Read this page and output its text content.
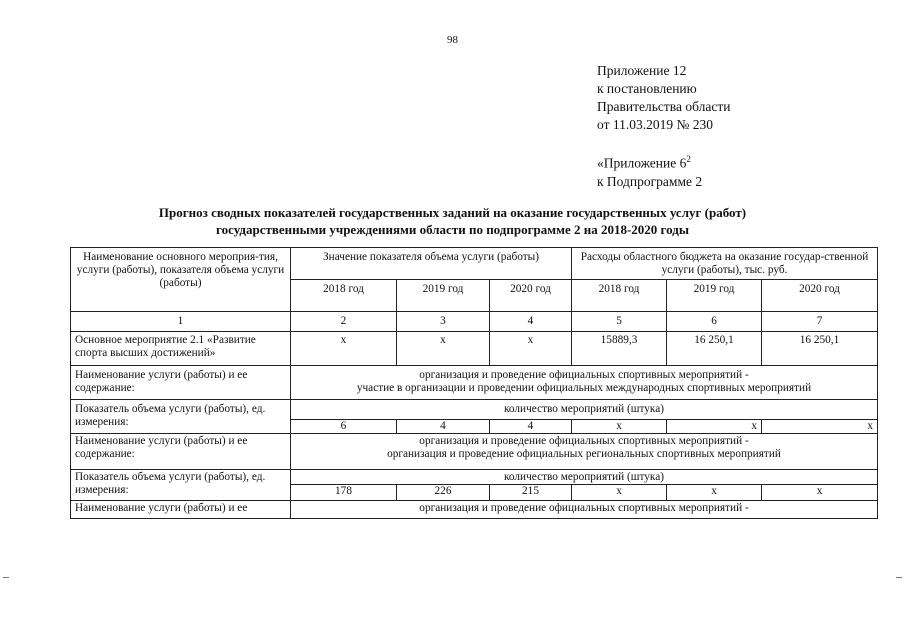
98
Приложение 12
к постановлению
Правительства области
от 11.03.2019 № 230
«Приложение $6^2$
к Подпрограмме 2
Прогноз сводных показателей государственных заданий на оказание государственных услуг (работ)
государственными учреждениями области по подпрограмме 2 на 2018-2020 годы
Наименование основного мероприя-тия, услуги (работы), показателя объема услуги (работы)	Значение показателя объема услуги (работы)			Расходы областного бюджета на оказание государ-ственной услуги (работы), тыс. руб.		
	2018 год	2019 год	2020 год	2018 год	2019 год	2020 год
1	2	3	4	5	6	7
Основное мероприятие 2.1 «Развитие спорта высших достижений»	х	х	х	15889,3	16 250,1	16 250,1
Наименование услуги (работы) и ее содержание:	организация и проведение официальных спортивных мероприятий -
участие в организации и проведении официальных международных спортивных мероприятий					

Показатель объема услуги (работы), ед. измерения:	количество мероприятий (штука)					
	6	4	4	х	х	х
Наименование услуги (работы) и ее содержание:	организация и проведение официальных спортивных мероприятий -
организация и проведение официальных региональных спортивных мероприятий					

Показатель объема услуги (работы), ед. измерения:	количество мероприятий (штука)					
	178	226	215	х	х	х
Наименование услуги (работы) и ее	организация и проведение официальных спортивных мероприятий -					
